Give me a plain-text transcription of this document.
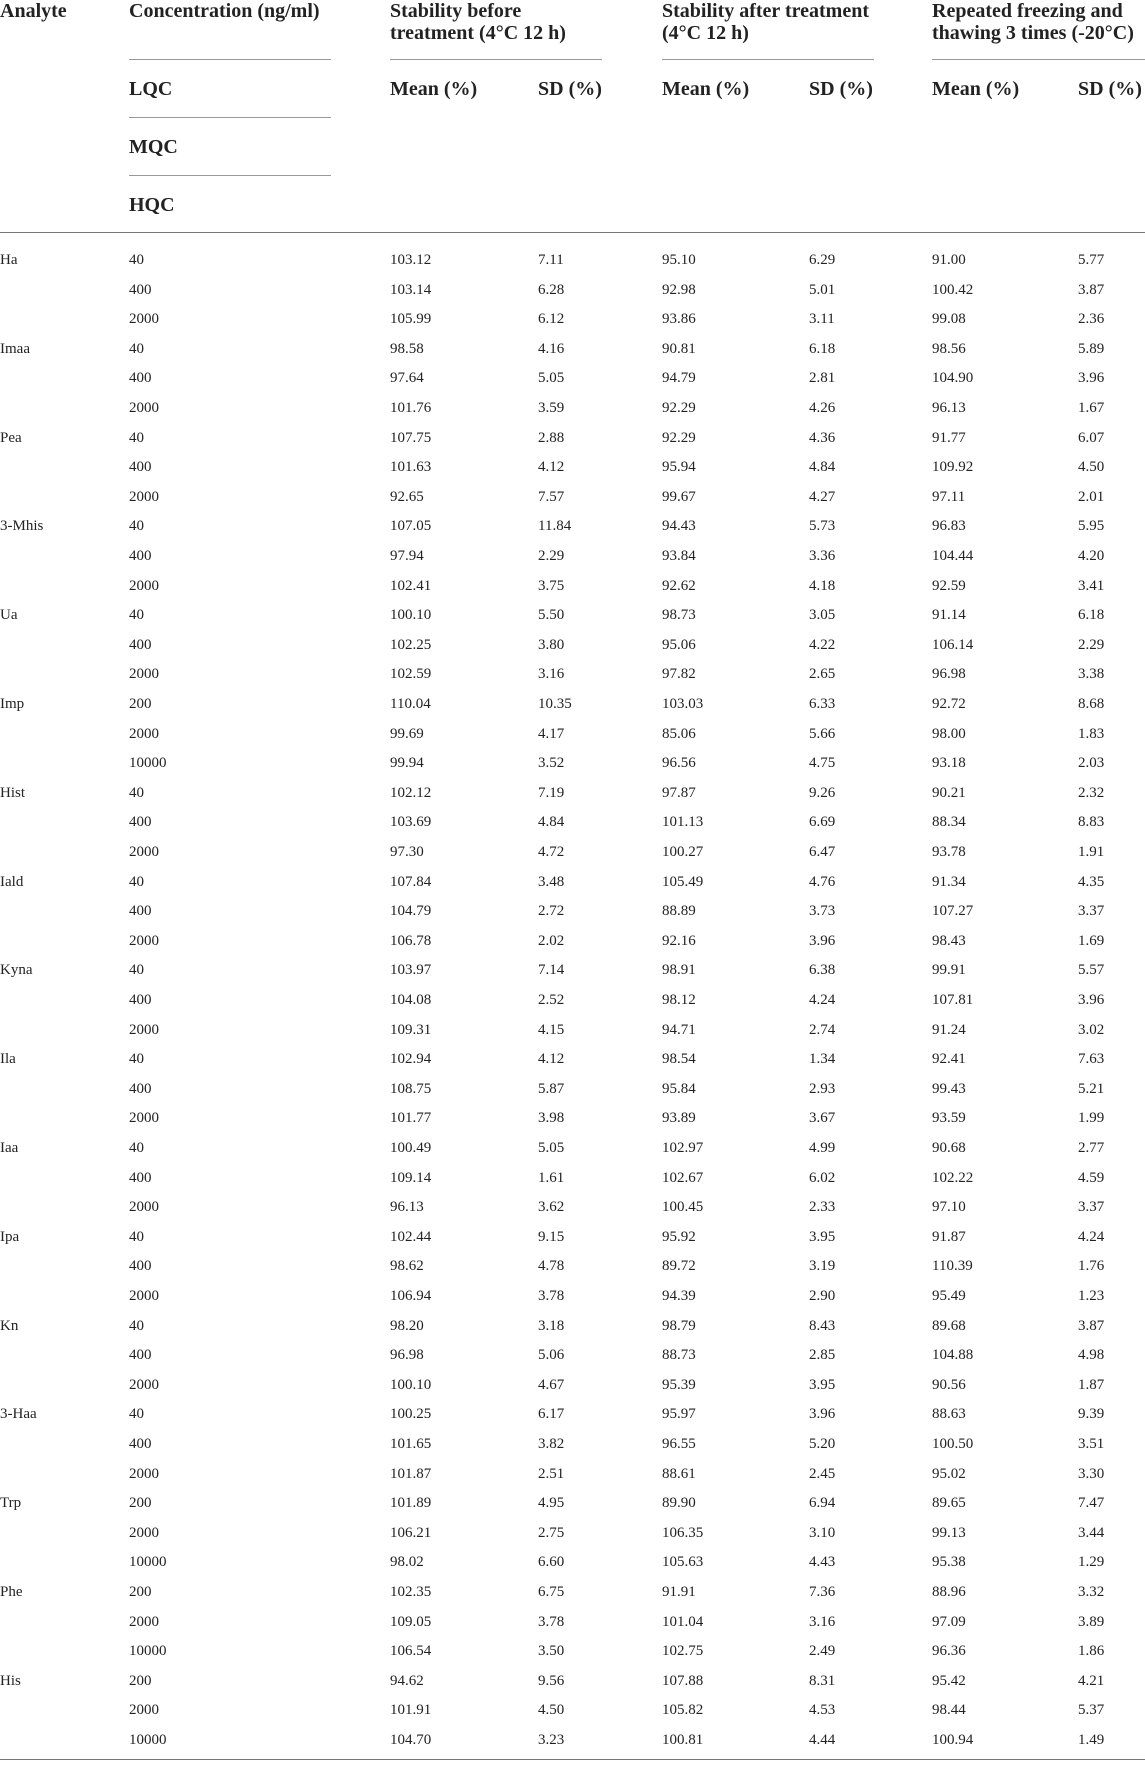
Analyte	Concentration (ng/ml)	Stability before
treatment (4°C 12 h)
Stability after treatment
(4°C 12 h)
Repeated freezing and
thawing 3 times (-20°C)
LQC
MQC
HQC
Mean (%)	SD (%)	Mean (%)	SD (%)	Mean (%)	SD (%)
Ha	40	103.12	7.11	95.10	6.29	91.00	5.77
400	103.14	6.28	92.98	5.01	100.42	3.87
2000	105.99	6.12	93.86	3.11	99.08	2.36
Imaa	40	98.58	4.16	90.81	6.18	98.56	5.89
400	97.64	5.05	94.79	2.81	104.90	3.96
2000	101.76	3.59	92.29	4.26	96.13	1.67
Pea	40	107.75	2.88	92.29	4.36	91.77	6.07
400	101.63	4.12	95.94	4.84	109.92	4.50
2000	92.65	7.57	99.67	4.27	97.11	2.01
3-Mhis	40	107.05	11.84	94.43	5.73	96.83	5.95
400	97.94	2.29	93.84	3.36	104.44	4.20
2000	102.41	3.75	92.62	4.18	92.59	3.41
Ua	40	100.10	5.50	98.73	3.05	91.14	6.18
400	102.25	3.80	95.06	4.22	106.14	2.29
2000	102.59	3.16	97.82	2.65	96.98	3.38
Imp	200	110.04	10.35	103.03	6.33	92.72	8.68
2000	99.69	4.17	85.06	5.66	98.00	1.83
10000	99.94	3.52	96.56	4.75	93.18	2.03
Hist	40	102.12	7.19	97.87	9.26	90.21	2.32
400	103.69	4.84	101.13	6.69	88.34	8.83
2000	97.30	4.72	100.27	6.47	93.78	1.91
Iald	40	107.84	3.48	105.49	4.76	91.34	4.35
400	104.79	2.72	88.89	3.73	107.27	3.37
2000	106.78	2.02	92.16	3.96	98.43	1.69
Kyna	40	103.97	7.14	98.91	6.38	99.91	5.57
400	104.08	2.52	98.12	4.24	107.81	3.96
2000	109.31	4.15	94.71	2.74	91.24	3.02
Ila	40	102.94	4.12	98.54	1.34	92.41	7.63
400	108.75	5.87	95.84	2.93	99.43	5.21
2000	101.77	3.98	93.89	3.67	93.59	1.99
Iaa	40	100.49	5.05	102.97	4.99	90.68	2.77
400	109.14	1.61	102.67	6.02	102.22	4.59
2000	96.13	3.62	100.45	2.33	97.10	3.37
Ipa	40	102.44	9.15	95.92	3.95	91.87	4.24
400	98.62	4.78	89.72	3.19	110.39	1.76
2000	106.94	3.78	94.39	2.90	95.49	1.23
Kn	40	98.20	3.18	98.79	8.43	89.68	3.87
400	96.98	5.06	88.73	2.85	104.88	4.98
2000	100.10	4.67	95.39	3.95	90.56	1.87
3-Haa	40	100.25	6.17	95.97	3.96	88.63	9.39
400	101.65	3.82	96.55	5.20	100.50	3.51
2000	101.87	2.51	88.61	2.45	95.02	3.30
Trp	200	101.89	4.95	89.90	6.94	89.65	7.47
2000	106.21	2.75	106.35	3.10	99.13	3.44
10000	98.02	6.60	105.63	4.43	95.38	1.29
Phe	200	102.35	6.75	91.91	7.36	88.96	3.32
2000	109.05	3.78	101.04	3.16	97.09	3.89
10000	106.54	3.50	102.75	2.49	96.36	1.86
His	200	94.62	9.56	107.88	8.31	95.42	4.21
2000	101.91	4.50	105.82	4.53	98.44	5.37
10000	104.70	3.23	100.81	4.44	100.94	1.49
